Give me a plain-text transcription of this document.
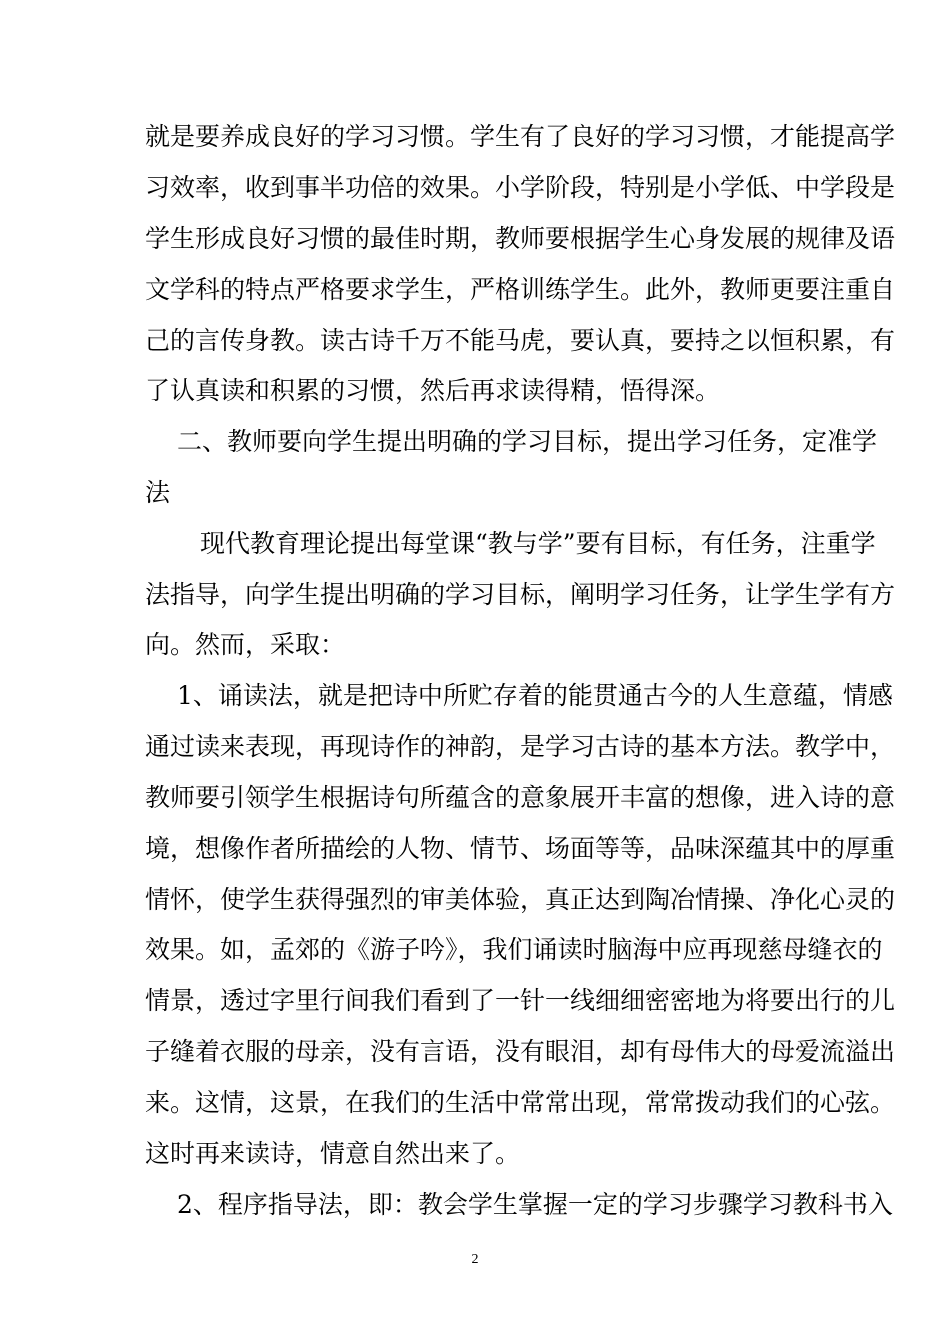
就是要养成良好的学习习惯。学生有了良好的学习习惯，才能提高学
习效率，收到事半功倍的效果。小学阶段，特别是小学低、中学段是
学生形成良好习惯的最佳时期，教师要根据学生心身发展的规律及语
文学科的特点严格要求学生，严格训练学生。此外，教师更要注重自
己的言传身教。读古诗千万不能马虎，要认真，要持之以恒积累，有
了认真读和积累的习惯，然后再求读得精，悟得深。
二、教师要向学生提出明确的学习目标，提出学习任务，定准学
法
现代教育理论提出每堂课“教与学”要有目标，有任务，注重学
法指导，向学生提出明确的学习目标，阐明学习任务，让学生学有方
向。然而，采取：
1、诵读法，就是把诗中所贮存着的能贯通古今的人生意蕴，情感
通过读来表现，再现诗作的神韵，是学习古诗的基本方法。教学中，
教师要引领学生根据诗句所蕴含的意象展开丰富的想像，进入诗的意
境，想像作者所描绘的人物、情节、场面等等，品味深蕴其中的厚重
情怀，使学生获得强烈的审美体验，真正达到陶冶情操、净化心灵的
效果。如，孟郊的《游子吟》，我们诵读时脑海中应再现慈母缝衣的
情景，透过字里行间我们看到了一针一线细细密密地为将要出行的儿
子缝着衣服的母亲，没有言语，没有眼泪，却有母伟大的母爱流溢出
来。这情，这景，在我们的生活中常常出现，常常拨动我们的心弦。
这时再来读诗，情意自然出来了。
2、程序指导法，即：教会学生掌握一定的学习步骤学习教科书入
2
